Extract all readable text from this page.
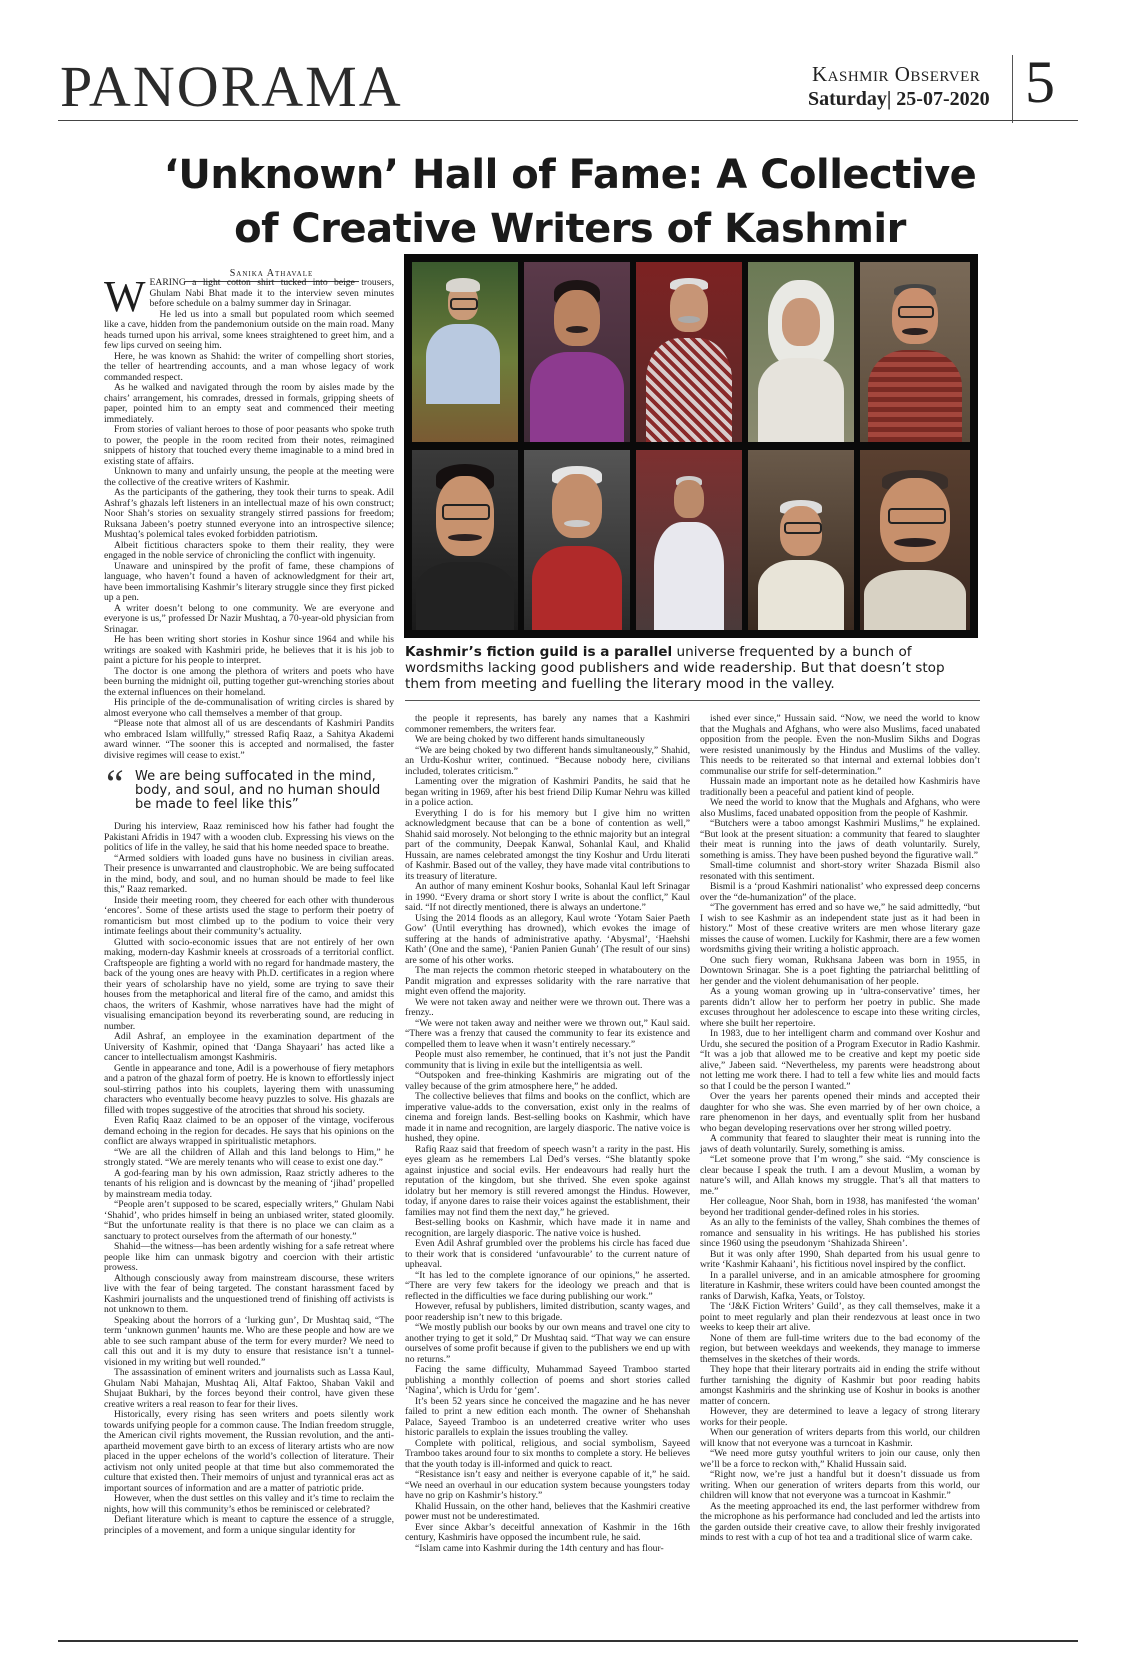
PANORAMA	Kashmir Observer
Saturday| 25-07-2020 5
‘Unknown’ Hall of Fame: A Collective
of Creative Writers of Kashmir
Sanika Athavale
W EARING a light cotton shirt tucked into beige trousers, Ghulam Nabi Bhat made it to the interview seven minutes before schedule on a balmy summer day in Srinagar.

He led us into a small but populated room which seemed like a cave, hidden from the pandemonium outside on the main road. Many heads turned upon his arrival, some knees straightened to greet him, and a few lips curved on seeing him.

Here, he was known as Shahid: the writer of compelling short stories, the teller of heartrending accounts, and a man whose legacy of work commanded respect.

As he walked and navigated through the room by aisles made by the chairs’ arrangement, his comrades, dressed in formals, gripping sheets of paper, pointed him to an empty seat and commenced their meeting immediately.

From stories of valiant heroes to those of poor peasants who spoke truth to power, the people in the room recited from their notes, reimagined snippets of history that touched every theme imaginable to a mind bred in existing state of affairs.

Unknown to many and unfairly unsung, the people at the meeting were the collective of the creative writers of Kashmir.

As the participants of the gathering, they took their turns to speak. Adil Ashraf’s ghazals left listeners in an intellectual maze of his own construct; Noor Shah’s stories on sexuality strangely stirred passions for freedom; Ruksana Jabeen’s poetry stunned everyone into an introspective silence; Mushtaq’s polemical tales evoked forbidden patriotism.

Albeit fictitious characters spoke to them their reality, they were engaged in the noble service of chronicling the conflict with ingenuity.

Unaware and uninspired by the profit of fame, these champions of language, who haven’t found a haven of acknowledgment for their art, have been immortalising Kashmir’s literary struggle since they first picked up a pen.

A writer doesn’t belong to one community. We are everyone and everyone is us,” professed Dr Nazir Mushtaq, a 70-year-old physician from Srinagar.

He has been writing short stories in Koshur since 1964 and while his writings are soaked with Kashmiri pride, he believes that it is his job to paint a picture for his people to interpret.

The doctor is one among the plethora of writers and poets who have been burning the midnight oil, putting together gut-wrenching stories about the external influences on their homeland.

His principle of the de-communalisation of writing circles is shared by almost everyone who call themselves a member of that group.

“Please note that almost all of us are descendants of Kashmiri Pandits who embraced Islam willfully,” stressed Rafiq Raaz, a Sahitya Akademi award winner. “The sooner this is accepted and normalised, the faster divisive regimes will cease to exist.”

“ We are being suffocated in the mind, body, and soul, and no human should be made to feel like this”

During his interview, Raaz reminisced how his father had fought the Pakistani Afridis in 1947 with a wooden club. Expressing his views on the politics of life in the valley, he said that his home needed space to breathe.

“Armed soldiers with loaded guns have no business in civilian areas. Their presence is unwarranted and claustrophobic. We are being suffocated in the mind, body, and soul, and no human should be made to feel like this,” Raaz remarked.

Inside their meeting room, they cheered for each other with thunderous ‘encores’. Some of these artists used the stage to perform their poetry of romanticism but most climbed up to the podium to voice their very intimate feelings about their community’s actuality.

Glutted with socio-economic issues that are not entirely of her own making, modern-day Kashmir kneels at crossroads of a territorial conflict. Craftspeople are fighting a world with no regard for handmade mastery, the back of the young ones are heavy with Ph.D. certificates in a region where their years of scholarship have no yield, some are trying to save their houses from the metaphorical and literal fire of the camo, and amidst this chaos, the writers of Kashmir, whose narratives have had the might of visualising emancipation beyond its reverberating sound, are reducing in number.

Adil Ashraf, an employee in the examination department of the University of Kashmir, opined that ‘Danga Shayaari’ has acted like a cancer to intellectualism amongst Kashmiris.

Gentle in appearance and tone, Adil is a powerhouse of fiery metaphors and a patron of the ghazal form of poetry. He is known to effortlessly inject soul-stirring pathos into his couplets, layering them with unassuming characters who eventually become heavy puzzles to solve. His ghazals are filled with tropes suggestive of the atrocities that shroud his society.

Even Rafiq Raaz claimed to be an opposer of the vintage, vociferous demand echoing in the region for decades. He says that his opinions on the conflict are always wrapped in spiritualistic metaphors.

“We are all the children of Allah and this land belongs to Him,” he strongly stated. “We are merely tenants who will cease to exist one day.”

A god-fearing man by his own admission, Raaz strictly adheres to the tenants of his religion and is downcast by the meaning of ‘jihad’ propelled by mainstream media today.

“People aren’t supposed to be scared, especially writers,” Ghulam Nabi ‘Shahid’, who prides himself in being an unbiased writer, stated gloomily. “But the unfortunate reality is that there is no place we can claim as a sanctuary to protect ourselves from the aftermath of our honesty.”

Shahid—the witness—has been ardently wishing for a safe retreat where people like him can unmask bigotry and coercion with their artistic prowess.

Although consciously away from mainstream discourse, these writers live with the fear of being targeted. The constant harassment faced by Kashmiri journalists and the unquestioned trend of finishing off activists is not unknown to them.

Speaking about the horrors of a ‘lurking gun’, Dr Mushtaq said, “The term ‘unknown gunmen’ haunts me. Who are these people and how are we able to see such rampant abuse of the term for every murder? We need to call this out and it is my duty to ensure that resistance isn’t a tunnel-visioned in my writing but well rounded.”

The assassination of eminent writers and journalists such as Lassa Kaul, Ghulam Nabi Mahajan, Mushtaq Ali, Altaf Faktoo, Shaban Vakil and Shujaat Bukhari, by the forces beyond their control, have given these creative writers a real reason to fear for their lives.

Historically, every rising has seen writers and poets silently work towards unifying people for a common cause. The Indian freedom struggle, the American civil rights movement, the Russian revolution, and the anti-apartheid movement gave birth to an excess of literary artists who are now placed in the upper echelons of the world’s collection of literature. Their activism not only united people at that time but also commemorated the culture that existed then. Their memoirs of unjust and tyrannical eras act as important sources of information and are a matter of patriotic pride.

However, when the dust settles on this valley and it’s time to reclaim the nights, how will this community’s ethos be reminisced or celebrated?

Defiant literature which is meant to capture the essence of a struggle, principles of a movement, and form a unique singular identity for

Kashmir’s fiction guild is a parallel universe frequented by a bunch of wordsmiths lacking good publishers and wide readership. But that doesn’t stop them from meeting and fuelling the literary mood in the valley.

the people it represents, has barely any names that a Kashmiri commoner remembers, the writers fear.

We are being choked by two different hands simultaneously

“We are being choked by two different hands simultaneously,” Shahid, an Urdu-Koshur writer, continued. “Because nobody here, civilians included, tolerates criticism.”

Lamenting over the migration of Kashmiri Pandits, he said that he began writing in 1969, after his best friend Dilip Kumar Nehru was killed in a police action.

Everything I do is for his memory but I give him no written acknowledgment because that can be a bone of contention as well,” Shahid said morosely. Not belonging to the ethnic majority but an integral part of the community, Deepak Kanwal, Sohanlal Kaul, and Khalid Hussain, are names celebrated amongst the tiny Koshur and Urdu literati of Kashmir. Based out of the valley, they have made vital contributions to its treasury of literature.

An author of many eminent Koshur books, Sohanlal Kaul left Srinagar in 1990. “Every drama or short story I write is about the conflict,” Kaul said. “If not directly mentioned, there is always an undertone.”

Using the 2014 floods as an allegory, Kaul wrote ‘Yotam Saier Paeth Gow’ (Until everything has drowned), which evokes the image of suffering at the hands of administrative apathy. ‘Abysmal’, ‘Haehshi Kath’ (One and the same), ‘Panien Panien Gunah’ (The result of our sins) are some of his other works.

The man rejects the common rhetoric steeped in whataboutery on the Pandit migration and expresses solidarity with the rare narrative that might even offend the majority.

We were not taken away and neither were we thrown out. There was a frenzy..

“We were not taken away and neither were we thrown out,” Kaul said. “There was a frenzy that caused the community to fear its existence and compelled them to leave when it wasn’t entirely necessary.”

People must also remember, he continued, that it’s not just the Pandit community that is living in exile but the intelligentsia as well.

“Outspoken and free-thinking Kashmiris are migrating out of the valley because of the grim atmosphere here,” he added.

The collective believes that films and books on the conflict, which are imperative value-adds to the conversation, exist only in the realms of cinema and foreign lands. Best-selling books on Kashmir, which have made it in name and recognition, are largely diasporic. The native voice is hushed, they opine.

Rafiq Raaz said that freedom of speech wasn’t a rarity in the past. His eyes gleam as he remembers Lal Ded’s verses. “She blatantly spoke against injustice and social evils. Her endeavours had really hurt the reputation of the kingdom, but she thrived. She even spoke against idolatry but her memory is still revered amongst the Hindus. However, today, if anyone dares to raise their voices against the establishment, their families may not find them the next day,” he grieved.

Best-selling books on Kashmir, which have made it in name and recognition, are largely diasporic. The native voice is hushed.

Even Adil Ashraf grumbled over the problems his circle has faced due to their work that is considered ‘unfavourable’ to the current nature of upheaval.

“It has led to the complete ignorance of our opinions,” he asserted. “There are very few takers for the ideology we preach and that is reflected in the difficulties we face during publishing our work.”

However, refusal by publishers, limited distribution, scanty wages, and poor readership isn’t new to this brigade.

“We mostly publish our books by our own means and travel one city to another trying to get it sold,” Dr Mushtaq said. “That way we can ensure ourselves of some profit because if given to the publishers we end up with no returns.”

Facing the same difficulty, Muhammad Sayeed Tramboo started publishing a monthly collection of poems and short stories called ‘Nagina’, which is Urdu for ‘gem’.

It’s been 52 years since he conceived the magazine and he has never failed to print a new edition each month. The owner of Shehanshah Palace, Sayeed Tramboo is an undeterred creative writer who uses historic parallels to explain the issues troubling the valley.

Complete with political, religious, and social symbolism, Sayeed Tramboo takes around four to six months to complete a story. He believes that the youth today is ill-informed and quick to react.

“Resistance isn’t easy and neither is everyone capable of it,” he said. “We need an overhaul in our education system because youngsters today have no grip on Kashmir’s history.”

Khalid Hussain, on the other hand, believes that the Kashmiri creative power must not be underestimated.

Ever since Akbar’s deceitful annexation of Kashmir in the 16th century, Kashmiris have opposed the incumbent rule, he said.

“Islam came into Kashmir during the 14th century and has flour-

ished ever since,” Hussain said. “Now, we need the world to know that the Mughals and Afghans, who were also Muslims, faced unabated opposition from the people. Even the non-Muslim Sikhs and Dogras were resisted unanimously by the Hindus and Muslims of the valley. This needs to be reiterated so that internal and external lobbies don’t communalise our strife for self-determination.”

Hussain made an important note as he detailed how Kashmiris have traditionally been a peaceful and patient kind of people.

We need the world to know that the Mughals and Afghans, who were also Muslims, faced unabated opposition from the people of Kashmir.

“Butchers were a taboo amongst Kashmiri Muslims,” he explained. “But look at the present situation: a community that feared to slaughter their meat is running into the jaws of death voluntarily. Surely, something is amiss. They have been pushed beyond the figurative wall.”

Small-time columnist and short-story writer Shazada Bismil also resonated with this sentiment.

Bismil is a ‘proud Kashmiri nationalist’ who expressed deep concerns over the “de-humanization” of the place.

“The government has erred and so have we,” he said admittedly, “but I wish to see Kashmir as an independent state just as it had been in history.” Most of these creative writers are men whose literary gaze misses the cause of women. Luckily for Kashmir, there are a few women wordsmiths giving their writing a holistic approach.

One such fiery woman, Rukhsana Jabeen was born in 1955, in Downtown Srinagar. She is a poet fighting the patriarchal belittling of her gender and the violent dehumanisation of her people.

As a young woman growing up in ‘ultra-conservative’ times, her parents didn’t allow her to perform her poetry in public. She made excuses throughout her adolescence to escape into these writing circles, where she built her repertoire.

In 1983, due to her intelligent charm and command over Koshur and Urdu, she secured the position of a Program Executor in Radio Kashmir. “It was a job that allowed me to be creative and kept my poetic side alive,” Jabeen said. “Nevertheless, my parents were headstrong about not letting me work there. I had to tell a few white lies and mould facts so that I could be the person I wanted.”

Over the years her parents opened their minds and accepted their daughter for who she was. She even married by of her own choice, a rare phenomenon in her days, and eventually split from her husband who began developing reservations over her strong willed poetry.

A community that feared to slaughter their meat is running into the jaws of death voluntarily. Surely, something is amiss.

“Let someone prove that I’m wrong,” she said. “My conscience is clear because I speak the truth. I am a devout Muslim, a woman by nature’s will, and Allah knows my struggle. That’s all that matters to me.”

Her colleague, Noor Shah, born in 1938, has manifested ‘the woman’ beyond her traditional gender-defined roles in his stories.

As an ally to the feminists of the valley, Shah combines the themes of romance and sensuality in his writings. He has published his stories since 1960 using the pseudonym ‘Shahizada Shireen’.

But it was only after 1990, Shah departed from his usual genre to write ‘Kashmir Kahaani’, his fictitious novel inspired by the conflict.

In a parallel universe, and in an amicable atmosphere for grooming literature in Kashmir, these writers could have been counted amongst the ranks of Darwish, Kafka, Yeats, or Tolstoy.

The ‘J&K Fiction Writers’ Guild’, as they call themselves, make it a point to meet regularly and plan their rendezvous at least once in two weeks to keep their art alive.

None of them are full-time writers due to the bad economy of the region, but between weekdays and weekends, they manage to immerse themselves in the sketches of their words.

They hope that their literary portraits aid in ending the strife without further tarnishing the dignity of Kashmir but poor reading habits amongst Kashmiris and the shrinking use of Koshur in books is another matter of concern.

However, they are determined to leave a legacy of strong literary works for their people.

When our generation of writers departs from this world, our children will know that not everyone was a turncoat in Kashmir.

“We need more gutsy youthful writers to join our cause, only then we’ll be a force to reckon with,” Khalid Hussain said.

“Right now, we’re just a handful but it doesn’t dissuade us from writing. When our generation of writers departs from this world, our children will know that not everyone was a turncoat in Kashmir.”

As the meeting approached its end, the last performer withdrew from the microphone as his performance had concluded and led the artists into the garden outside their creative cave, to allow their freshly invigorated minds to rest with a cup of hot tea and a traditional slice of warm cake.
